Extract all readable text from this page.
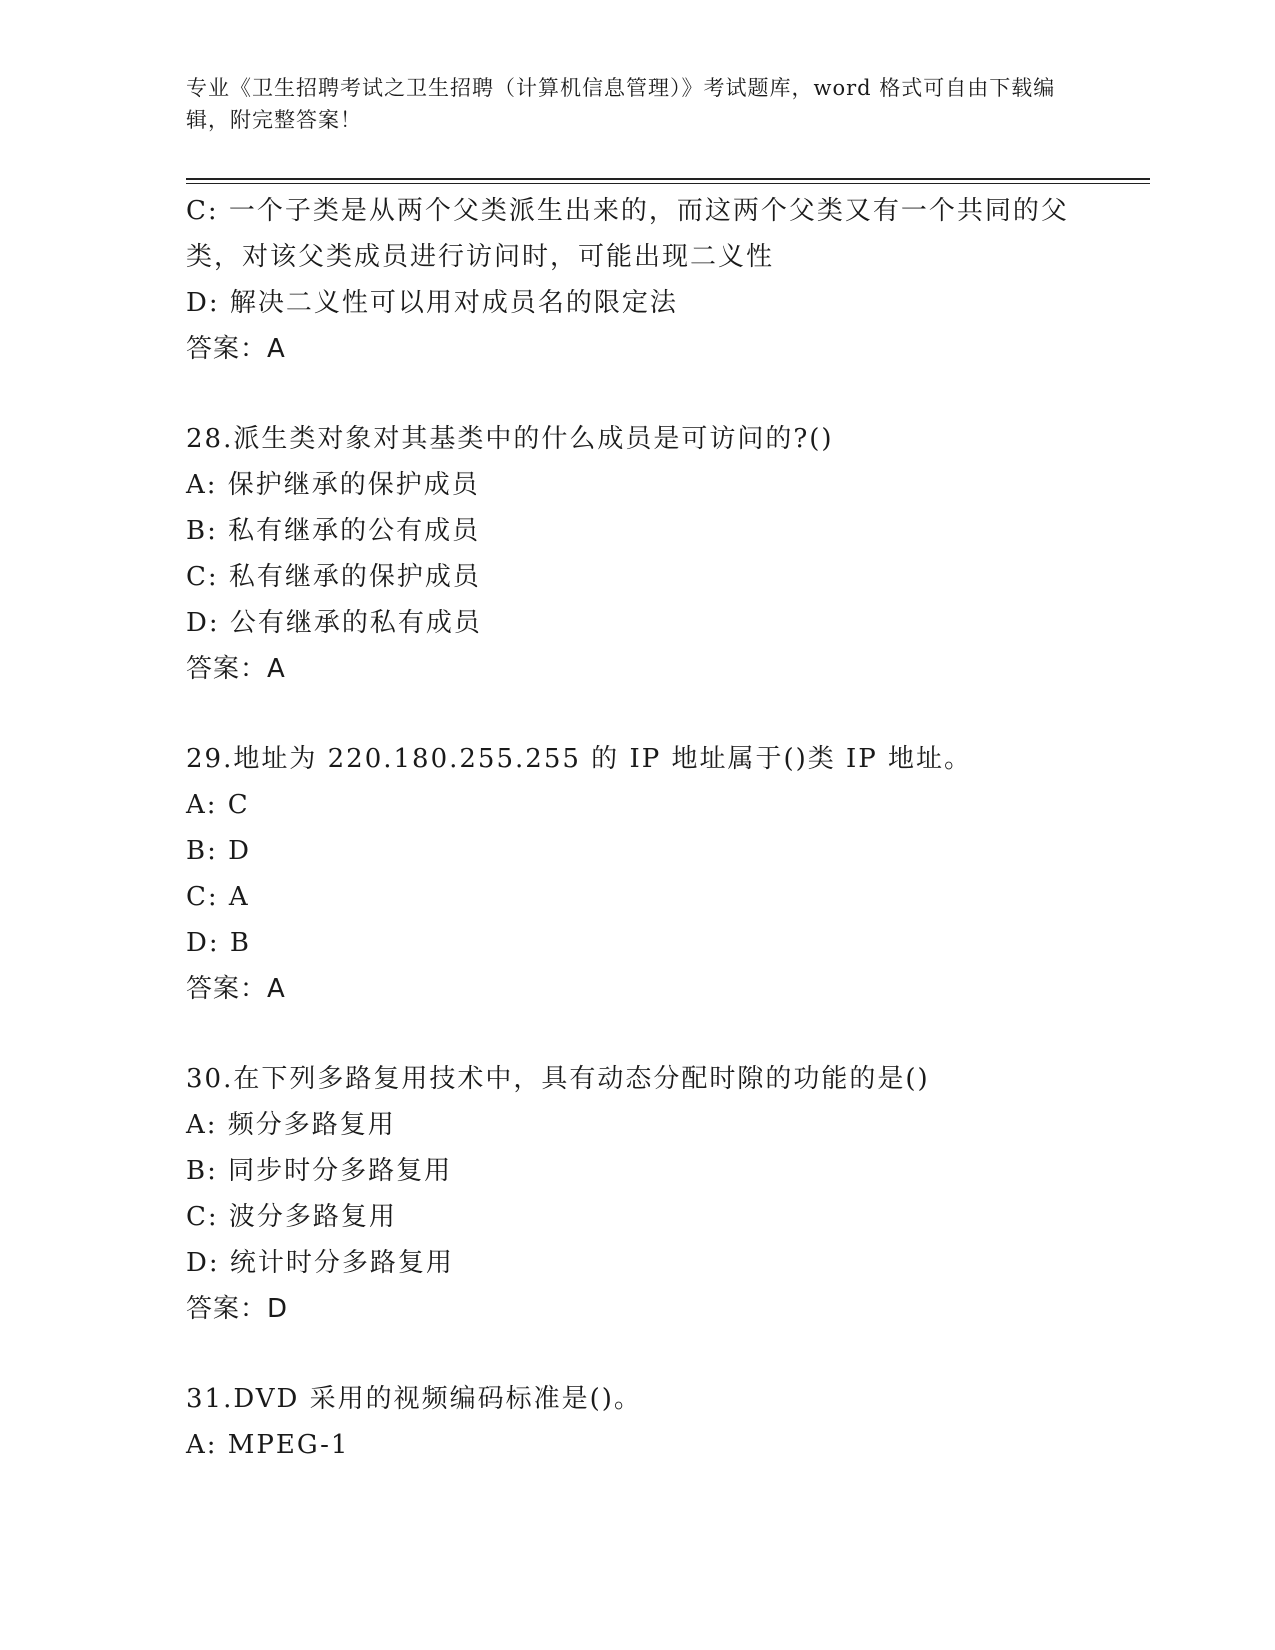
专业《卫生招聘考试之卫生招聘（计算机信息管理）》考试题库，word 格式可自由下载编辑，附完整答案！
C: 一个子类是从两个父类派生出来的，而这两个父类又有一个共同的父类，对该父类成员进行访问时，可能出现二义性
D: 解决二义性可以用对成员名的限定法
答案：A
28.派生类对象对其基类中的什么成员是可访问的?()
A: 保护继承的保护成员
B: 私有继承的公有成员
C: 私有继承的保护成员
D: 公有继承的私有成员
答案：A
29.地址为 220.180.255.255 的 IP 地址属于()类 IP 地址。
A: C
B: D
C: A
D: B
答案：A
30.在下列多路复用技术中，具有动态分配时隙的功能的是()
A: 频分多路复用
B: 同步时分多路复用
C: 波分多路复用
D: 统计时分多路复用
答案：D
31.DVD 采用的视频编码标准是()。
A: MPEG-1
